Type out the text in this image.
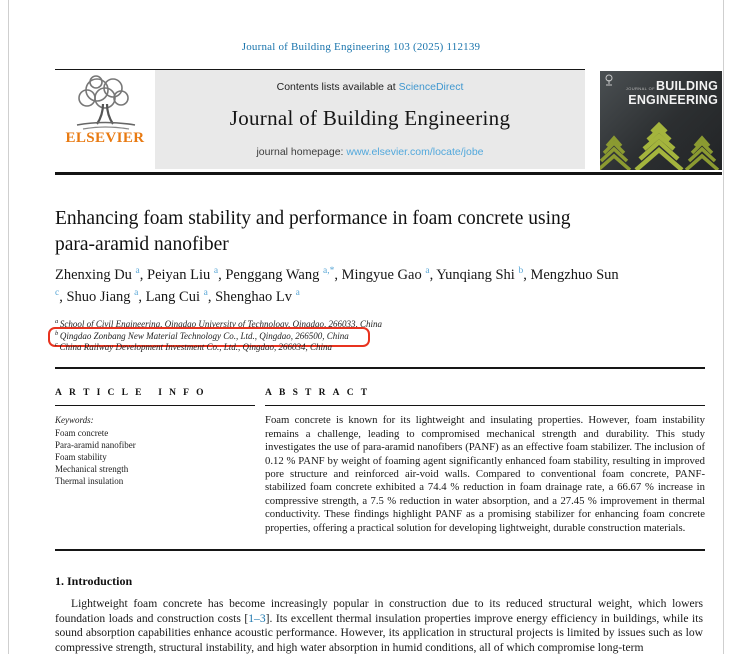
Journal of Building Engineering 103 (2025) 112139
ELSEVIER
Contents lists available at ScienceDirect
Journal of Building Engineering
journal homepage: www.elsevier.com/locate/jobe
JOURNAL OFBUILDING
ENGINEERING
Enhancing foam stability and performance in foam concrete using para-aramid nanofiber
Zhenxing Du $^a$, Peiyan Liu $^a$, Penggang Wang $^{a,*}$, Mingyue Gao $^a$, Yunqiang Shi $^b$, Mengzhuo Sun $^c$, Shuo Jiang $^a$, Lang Cui $^a$, Shenghao Lv $^a$
$^a$ School of Civil Engineering, Qingdao University of Technology, Qingdao, 266033, China
$^b$ Qingdao Zonbang New Material Technology Co., Ltd., Qingdao, 266500, China
$^c$ China Railway Development Investment Co., Ltd., Qingdao, 266034, China
A R T I C L E   I N F O
Keywords:
Foam concrete
Para-aramid nanofiber
Foam stability
Mechanical strength
Thermal insulation
A B S T R A C T
Foam concrete is known for its lightweight and insulating properties. However, foam instability remains a challenge, leading to compromised mechanical strength and durability. This study investigates the use of para-aramid nanofibers (PANF) as an effective foam stabilizer. The inclusion of 0.12 % PANF by weight of foaming agent significantly enhanced foam stability, resulting in improved pore structure and reinforced air-void walls. Compared to conventional foam concrete, PANF-stabilized foam concrete exhibited a 74.4 % reduction in foam drainage rate, a 66.67 % increase in compressive strength, a 7.5 % reduction in water absorption, and a 27.45 % improvement in thermal conductivity. These findings highlight PANF as a promising stabilizer for enhancing foam concrete properties, offering a practical solution for developing lightweight, durable construction materials.
1. Introduction
Lightweight foam concrete has become increasingly popular in construction due to its reduced structural weight, which lowers foundation loads and construction costs [1–3]. Its excellent thermal insulation properties improve energy efficiency in buildings, while its sound absorption capabilities enhance acoustic performance. However, its application in structural projects is limited by issues such as low compressive strength, structural instability, and high water absorption in humid conditions, all of which compromise long-term
